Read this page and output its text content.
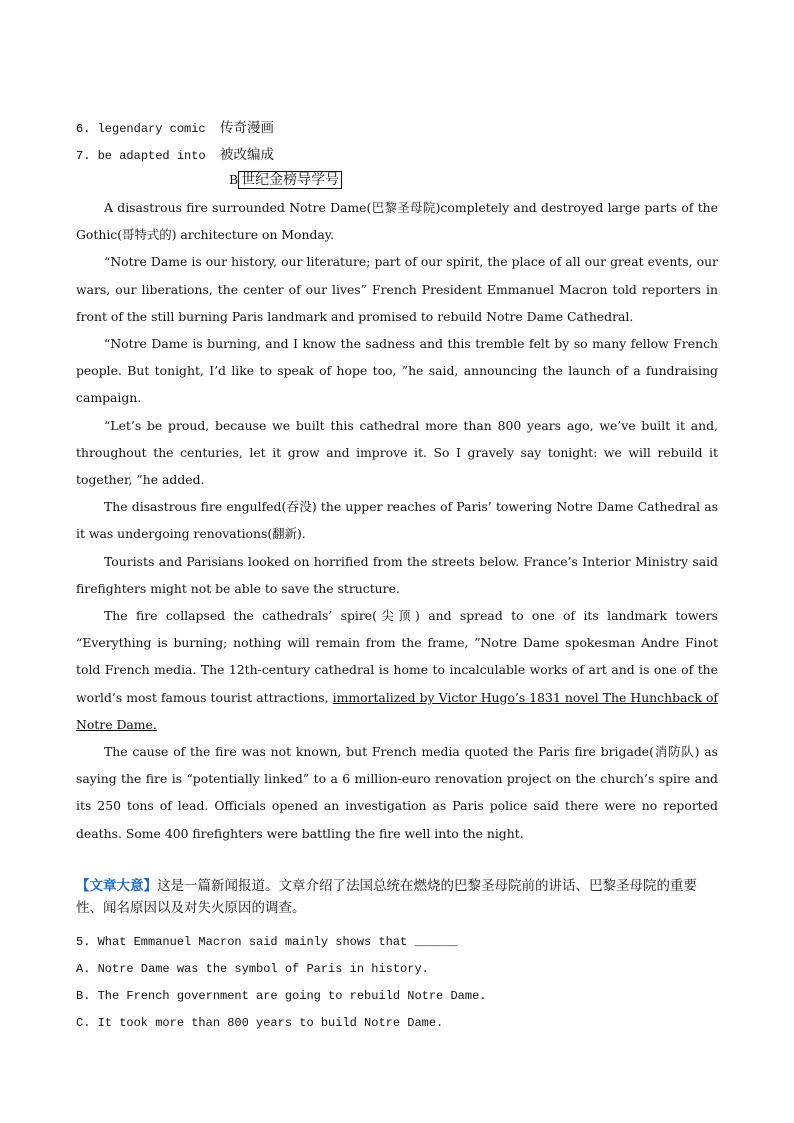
6. legendary comic 传奇漫画
7. be adapted into 被改编成
B 世纪金榜导学号

A disastrous fire surrounded Notre Dame(巴黎圣母院)completely and destroyed large parts of the Gothic(哥特式的) architecture on Monday.

“Notre Dame is our history, our literature; part of our spirit, the place of all our great events, our wars, our liberations, the center of our lives” French President Emmanuel Macron told reporters in front of the still burning Paris landmark and promised to rebuild Notre Dame Cathedral.

“Notre Dame is burning, and I know the sadness and this tremble felt by so many fellow French people. But tonight, I’d like to speak of hope too, ”he said, announcing the launch of a fundraising campaign.

“Let’s be proud, because we built this cathedral more than 800 years ago, we’ve built it and, throughout the centuries, let it grow and improve it. So I gravely say tonight: we will rebuild it together, ”he added.

The disastrous fire engulfed(吞没) the upper reaches of Paris’ towering Notre Dame Cathedral as it was undergoing renovations(翻新).

Tourists and Parisians looked on horrified from the streets below. France’s Interior Ministry said firefighters might not be able to save the structure.

The fire collapsed the cathedrals’ spire(尖顶) and spread to one of its landmark towers “Everything is burning; nothing will remain from the frame, ”Notre Dame spokesman Andre Finot told French media. The 12th-century cathedral is home to incalculable works of art and is one of the world’s most famous tourist attractions, immortalized by Victor Hugo’s 1831 novel The Hunchback of Notre Dame.

The cause of the fire was not known, but French media quoted the Paris fire brigade(消防队) as saying the fire is “potentially linked” to a 6 million-euro renovation project on the church’s spire and its 250 tons of lead. Officials opened an investigation as Paris police said there were no reported deaths. Some 400 firefighters were battling the fire well into the night.

【文章大意】这是一篇新闻报道。文章介绍了法国总统在燃烧的巴黎圣母院前的讲话、巴黎圣母院的重要性、闻名原因以及对失火原因的调查。
5. What Emmanuel Macron said mainly shows that ______
A. Notre Dame was the symbol of Paris in history.
B. The French government are going to rebuild Notre Dame.
C. It took more than 800 years to build Notre Dame.
